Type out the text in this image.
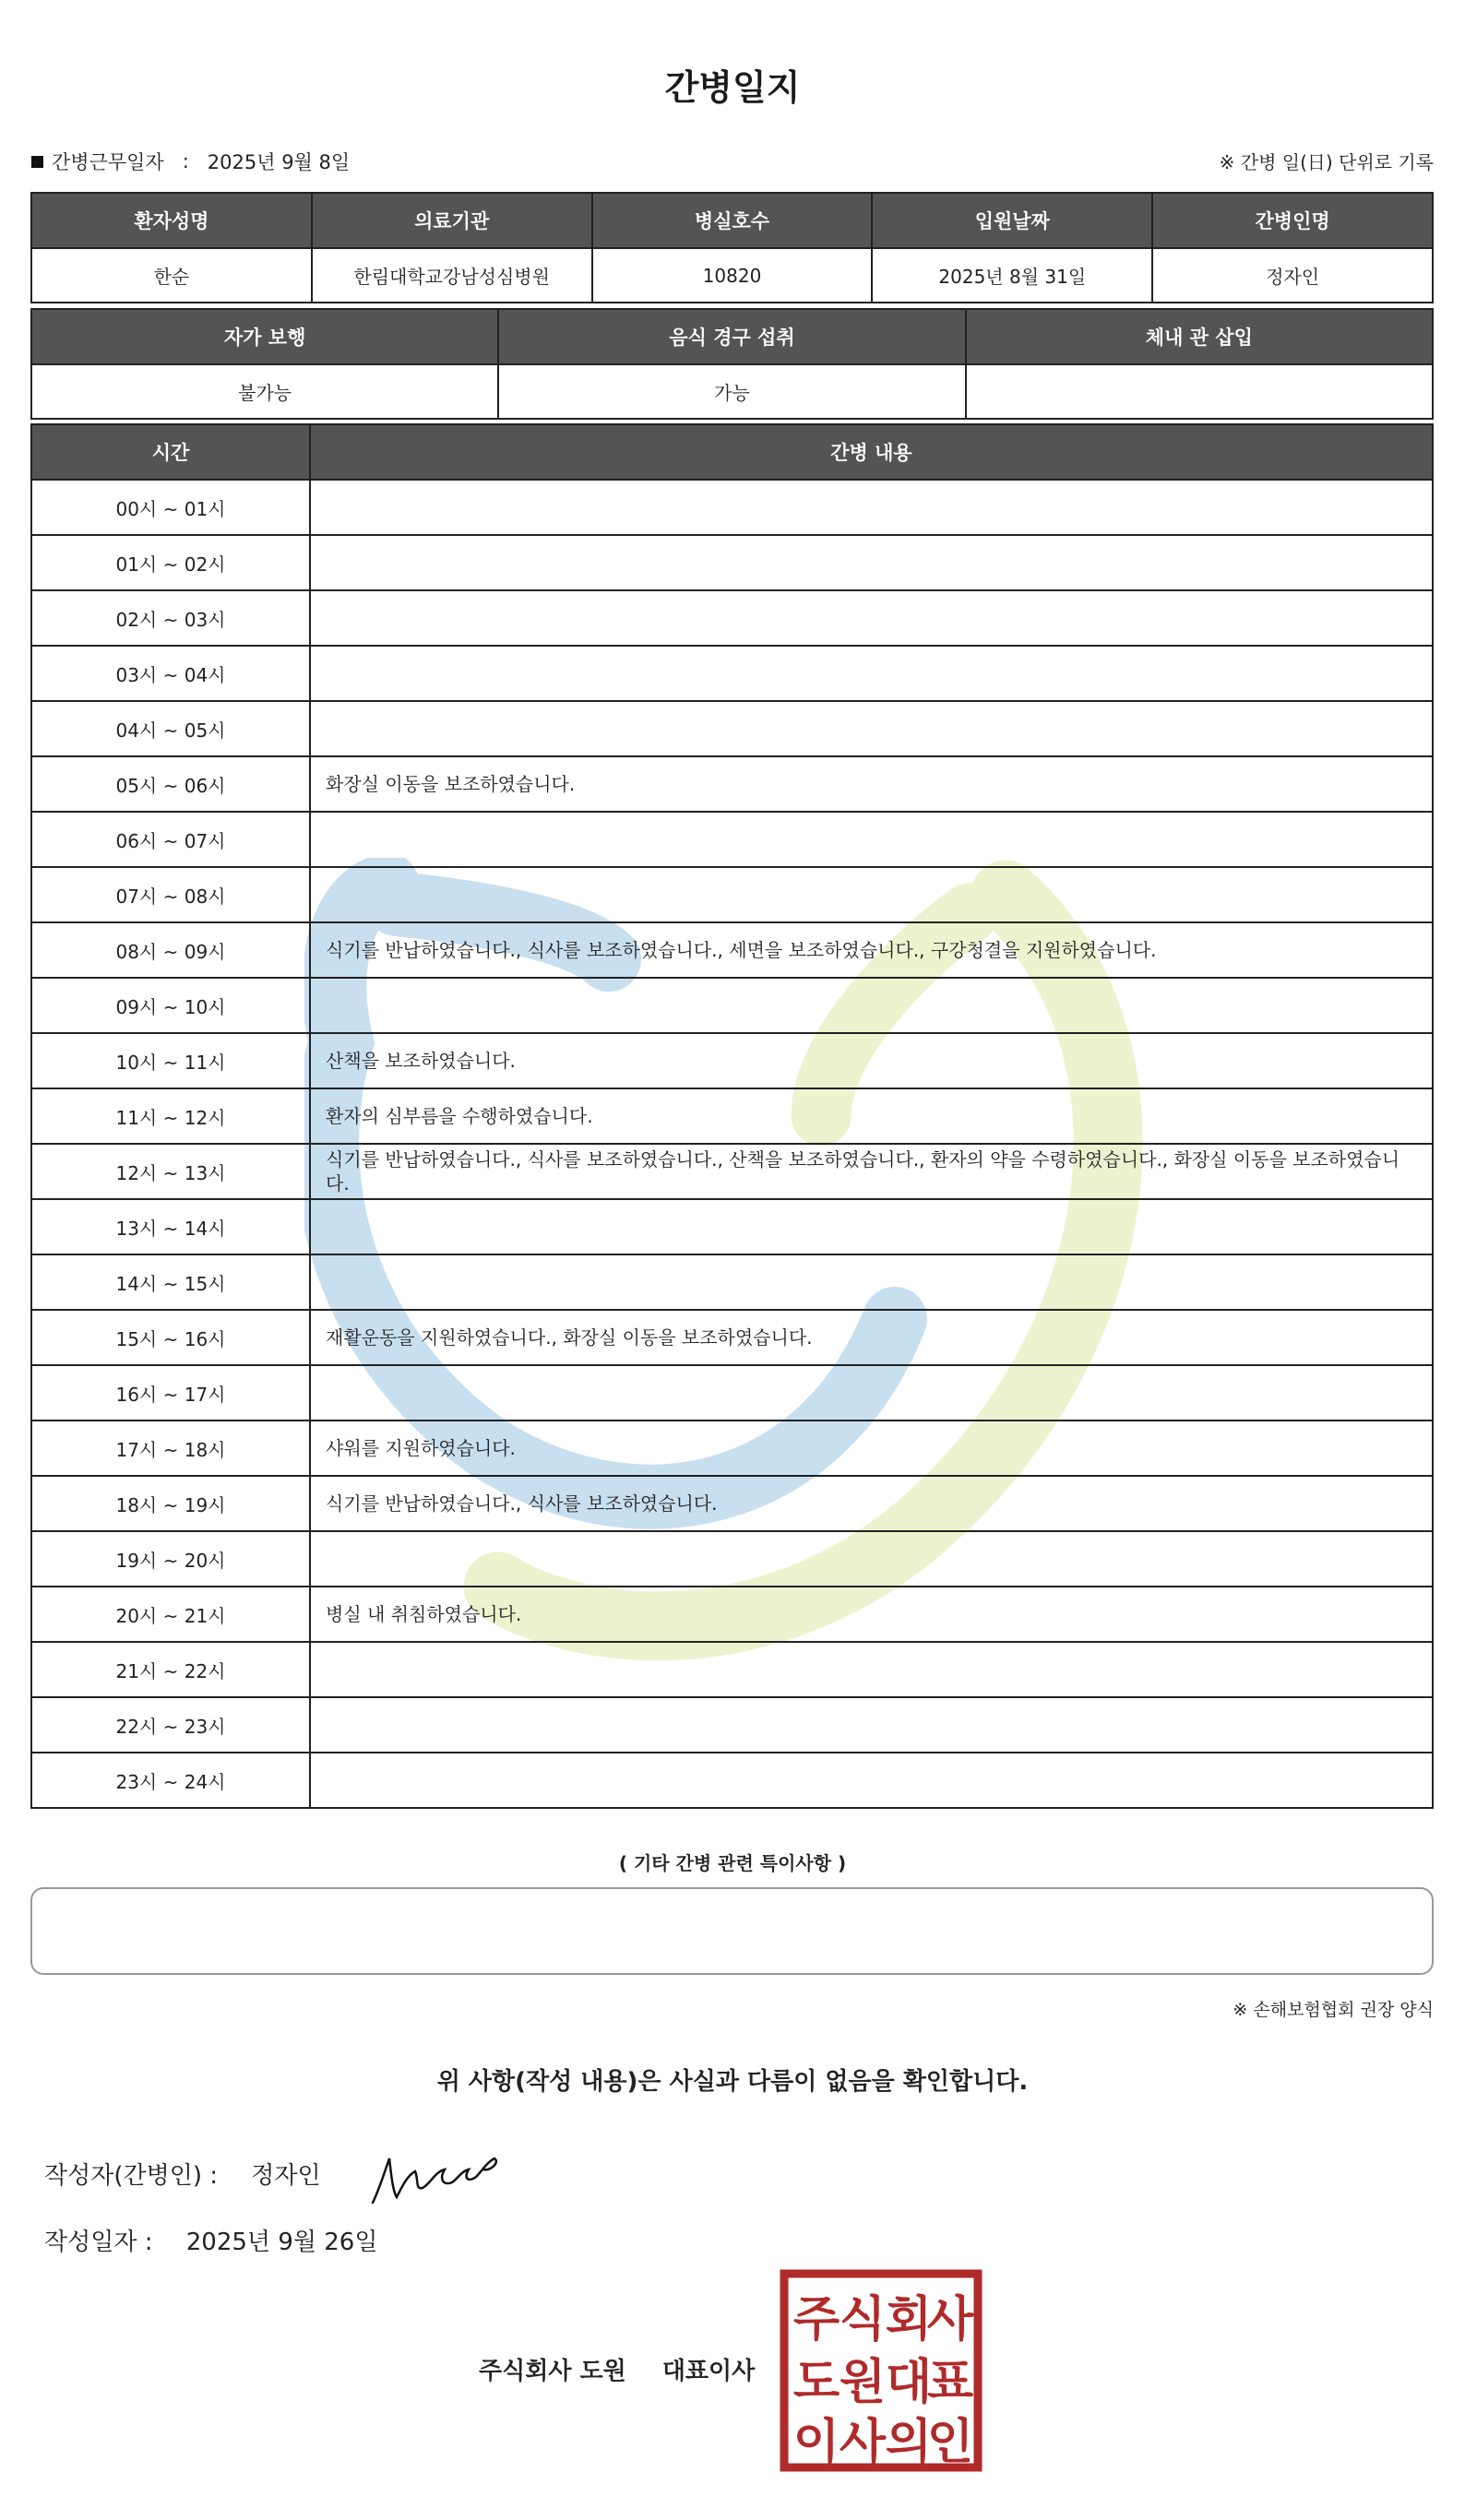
간병일지
간병근무일자 : 2025년 9월 8일	※ 간병 일(日) 단위로 기록
환자성명	의료기관	병실호수	입원날짜	간병인명
한순	한림대학교강남성심병원	10820	2025년 8월 31일	정자인
자가 보행	음식 경구 섭취	체내 관 삽입
불가능	가능	
시간	간병 내용
00시 ~ 01시	
01시 ~ 02시	
02시 ~ 03시	
03시 ~ 04시	
04시 ~ 05시	
05시 ~ 06시	화장실 이동을 보조하였습니다.
06시 ~ 07시	
07시 ~ 08시	
08시 ~ 09시	식기를 반납하였습니다., 식사를 보조하였습니다., 세면을 보조하였습니다., 구강청결을 지원하였습니다.
09시 ~ 10시	
10시 ~ 11시	산책을 보조하였습니다.
11시 ~ 12시	환자의 심부름을 수행하였습니다.
12시 ~ 13시	식기를 반납하였습니다., 식사를 보조하였습니다., 산책을 보조하였습니다., 환자의 약을 수령하였습니다., 화장실 이동을 보조하였습니다.
13시 ~ 14시	
14시 ~ 15시	
15시 ~ 16시	재활운동을 지원하였습니다., 화장실 이동을 보조하였습니다.
16시 ~ 17시	
17시 ~ 18시	샤워를 지원하였습니다.
18시 ~ 19시	식기를 반납하였습니다., 식사를 보조하였습니다.
19시 ~ 20시	
20시 ~ 21시	병실 내 취침하였습니다.
21시 ~ 22시	
22시 ~ 23시	
23시 ~ 24시	
( 기타 간병 관련 특이사항 )
※ 손해보험협회 권장 양식
위 사항(작성 내용)은 사실과 다름이 없음을 확인합니다.
작성자(간병인) : 정자인
작성일자 : 2025년 9월 26일
주식회사 도원 대표이사
주 식 회
사
도 원 대
표
이 사 의
인
